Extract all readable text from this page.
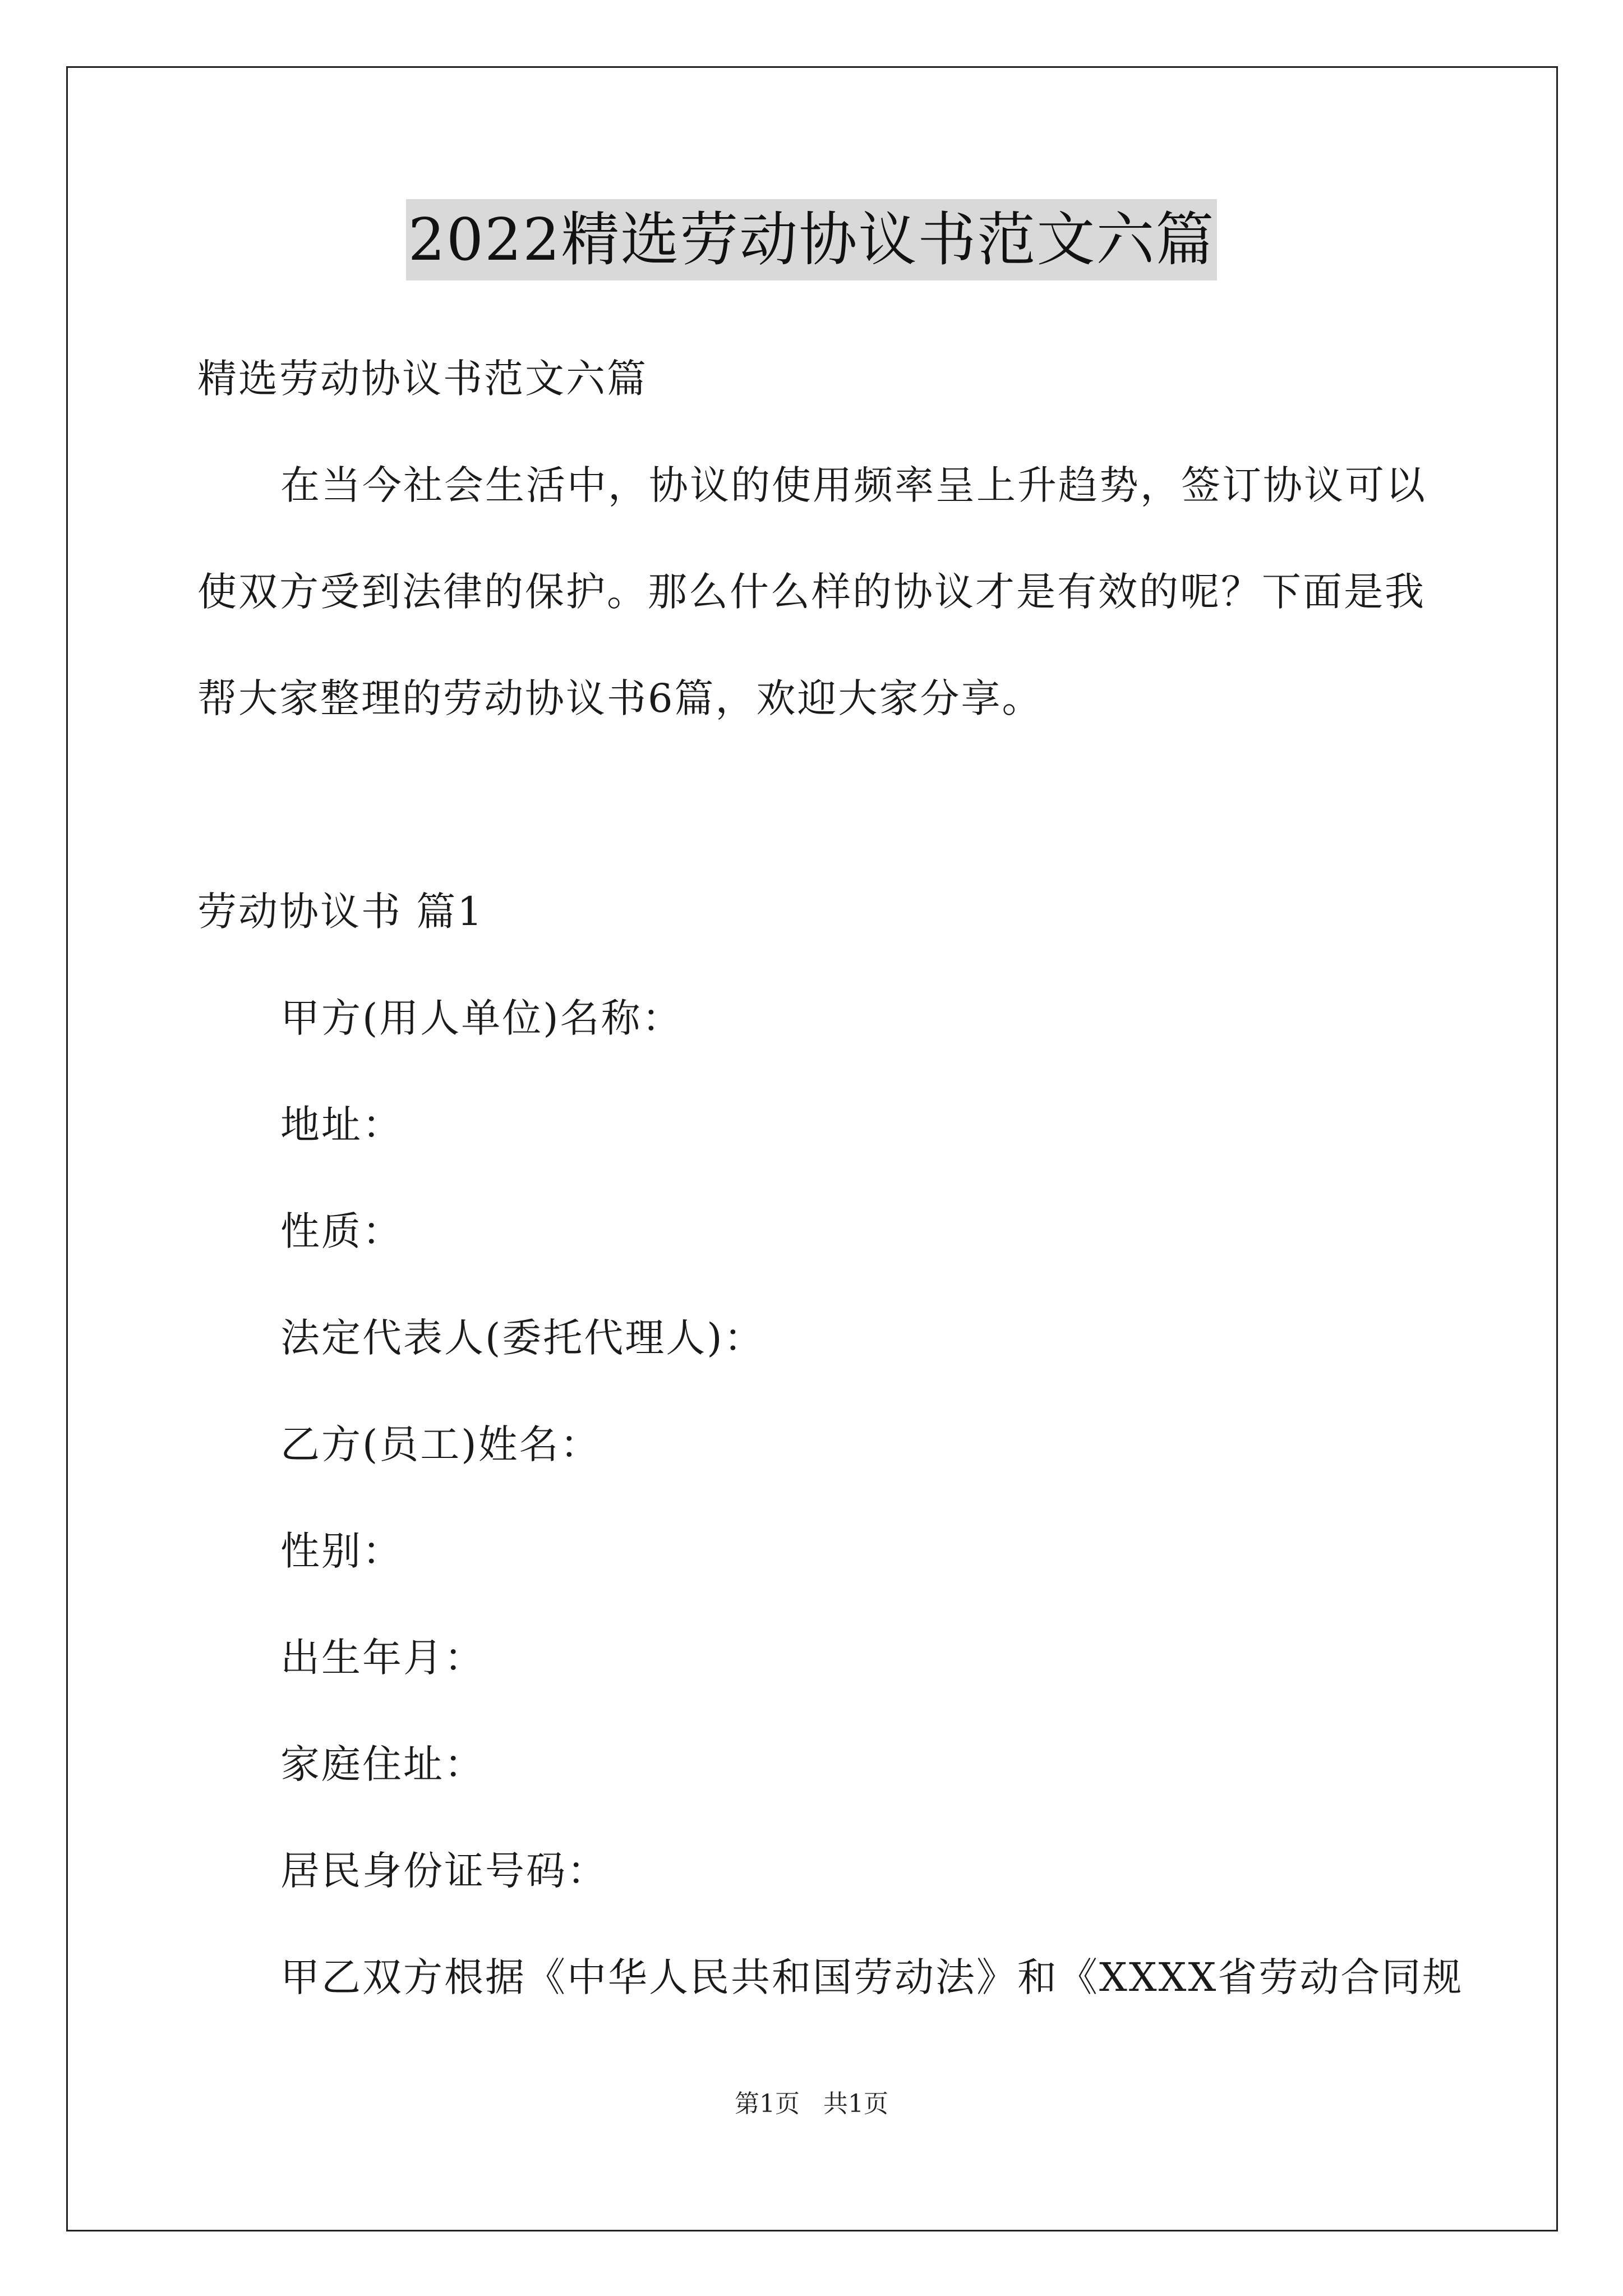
2022精选劳动协议书范文六篇
精选劳动协议书范文六篇
在当今社会生活中，协议的使用频率呈上升趋势，签订协议可以
使双方受到法律的保护。那么什么样的协议才是有效的呢？下面是我
帮大家整理的劳动协议书6篇，欢迎大家分享。
劳动协议书 篇1
甲方(用人单位)名称：
地址：
性质：
法定代表人(委托代理人)：
乙方(员工)姓名：
性别：
出生年月：
家庭住址：
居民身份证号码：
甲乙双方根据《中华人民共和国劳动法》和《XXXX省劳动合同规
第1页   共1页
